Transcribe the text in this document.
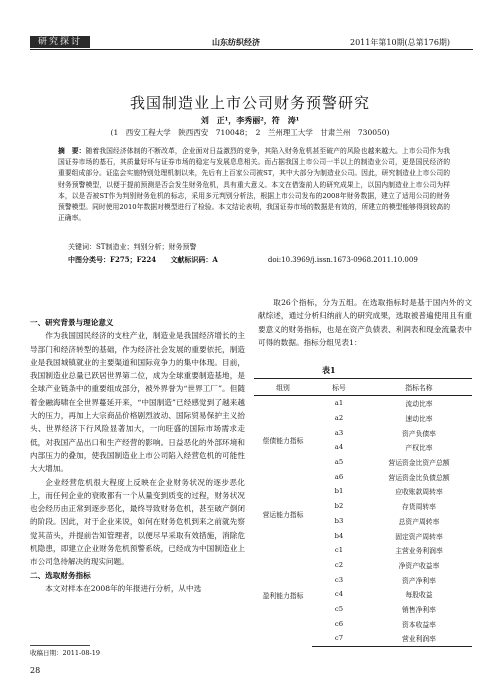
研究探讨	山东纺织经济	2011年第10期(总第176期)
我国制造业上市公司财务预警研究
刘　正¹，李秀丽²，符　涛¹
(1　西安工程大学　陕西西安　710048；　2　兰州理工大学　甘肃兰州　730050)
摘　要：随着我国经济体制的不断改革，企业面对日益激烈的竞争，其陷入财务危机甚至破产的风险也越来越大。上市公司作为我国证券市场的基石，其质量好坏与证券市场的稳定与发展息息相关。而占据我国上市公司一半以上的制造业公司，更是国民经济的重要组成部分。证监会实施特别处理机制以来，先后有上百家公司被ST，其中大部分为制造业公司。因此，研究制造业上市公司的财务预警模型，以便于提前预测是否会发生财务危机，具有重大意义。本文在借鉴前人的研究成果上，以国内制造业上市公司为样本，以是否被ST作为判别财务危机的标志，采用多元判别分析法，根据上市公司发布的2008年财务数据，建立了适用公司的财务预警模型。同时使用2010年数据对模型进行了检验。本文结论表明，我国证券市场的数据是有效的，所建立的模型能够得到较高的正确率。
关键词：ST制造业；判别分析；财务预警
中图分类号：F275；F224 文献标识码：A	doi:10.3969/j.issn.1673-0968.2011.10.009

一、研究背景与理论意义

作为我国国民经济的支柱产业，制造业是我国经济增长的主导部门和经济转型的基础，作为经济社会发展的重要依托，制造业是我国城镇就业的主要渠道和国际竞争力的集中体现。目前，我国制造业总量已跃居世界第二位，成为全球重要制造基地，是全球产业链条中的重要组成部分，被外界誉为“世界工厂”。但随着金融海啸在全世界蔓延开来，“中国制造”已经感觉到了越来越大的压力，再加上大宗商品价格剧烈波动、国际贸易保护主义抬头、世界经济下行风险显著加大，一向旺盛的国际市场需求走低，对我国产品出口和生产经营的影响。日益恶化的外部环境和内部压力的叠加，使我国制造业上市公司陷入经营危机的可能性大大增加。

企业经营危机很大程度上反映在企业财务状况的逐步恶化上，而任何企业的衰败都有一个从量变到质变的过程，财务状况也会经历由正常到逐步恶化，最终导致财务危机，甚至破产倒闭的阶段。因此，对于企业来说，如何在财务危机到来之前就先察觉其苗头，并提前告知管理者，以便尽早采取有效措施，消除危机隐患，即建立企业财务危机预警系统，已经成为中国制造业上市公司急待解决的现实问题。

二、选取财务指标

本文对样本在2008年的年报进行分析，从中选

取26个指标，分为五组。在选取指标时是基于国内外的文献综述，通过分析归纳前人的研究成果，选取被普遍使用且有重要意义的财务指标，也是在资产负债表、利润表和现金流量表中可得的数据。指标分组见表1：

表1
组别	标号	指标名称
偿债能力指标	a1	流动比率
	a2	速动比率
	a3	资产负债率
	a4	产权比率
	a5	营运资金比资产总额
	a6	营运资金比负债总额
营运能力指标	b1	应收账款周转率
	b2	存货周转率
	b3	总资产周转率
	b4	固定资产周转率
盈利能力指标	c1	主营业务利润率
	c2	净资产收益率
	c3	资产净利率
	c4	每股收益
	c5	销售净利率
	c6	资本收益率
	c7	营业利润率
收稿日期：2011-08-19
28
